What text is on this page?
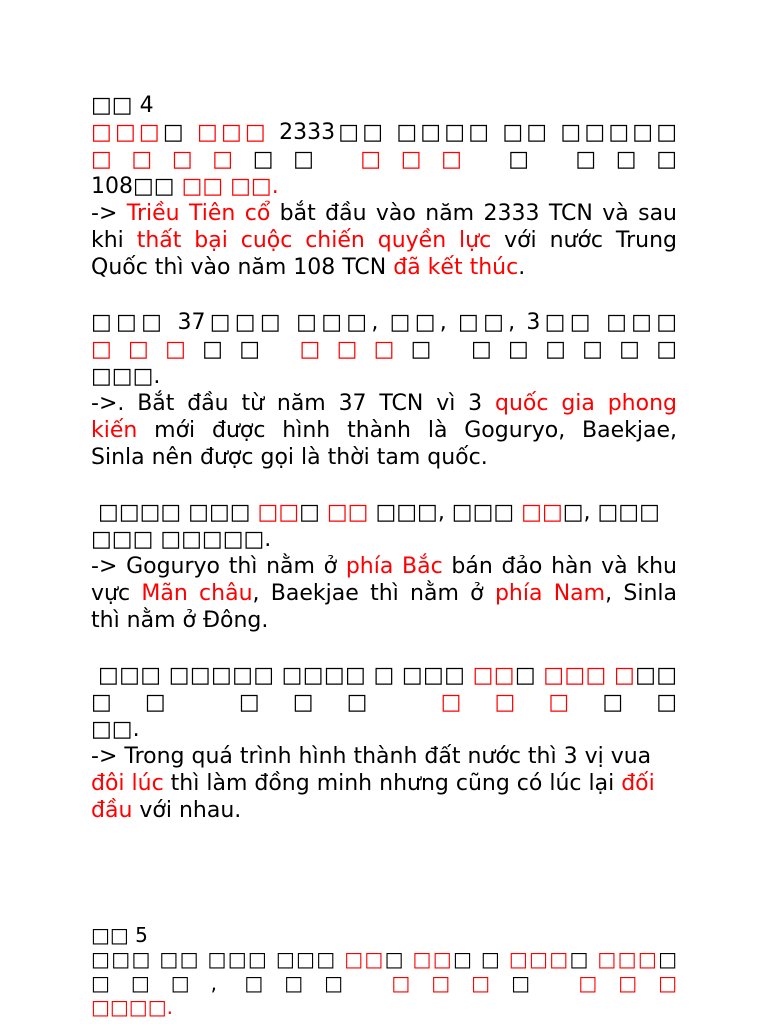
□□ 4
□□□□ □□□ 2333□□ □□□□ □□ □□□□□ □□□□□□ □□□ □ □□□
108□□ □□ □□.
-> Triều Tiên cổ bắt đầu vào năm 2333 TCN và sau
khi thất bại cuộc chiến quyền lực với nước Trung
Quốc thì vào năm 108 TCN đã kết thúc.
□□□ 37□□□ □□□, □□, □□, 3□□ □□□ □□□□□ □□□□ □□□□□□
□□□.
->. Bắt đầu từ năm 37 TCN vì 3 quốc gia phong
kiến mới được hình thành là Goguryo, Baekjae,
Sinla nên được gọi là thời tam quốc.
□□□□ □□□ □□□ □□ □□□, □□□ □□□, □□□ □□□ □□□□□.
-> Goguryo thì nằm ở phía Bắc bán đảo hàn và khu
vực Mãn châu, Baekjae thì nằm ở phía Nam, Sinla
thì nằm ở Đông.
□□□ □□□□□ □□□□ □ □□□ □□□ □□□ □□□ □□ □□□ □□□□□
□□.
-> Trong quá trình hình thành đất nước thì 3 vị vua
đôi lúc thì làm đồng minh nhưng cũng có lúc lại đối
đầu với nhau.
□□ 5
□□□ □□ □□□ □□□ □□□ □□□ □ □□□□ □□□□ □□□, □□□ □□□□ □□□
□□□□.
